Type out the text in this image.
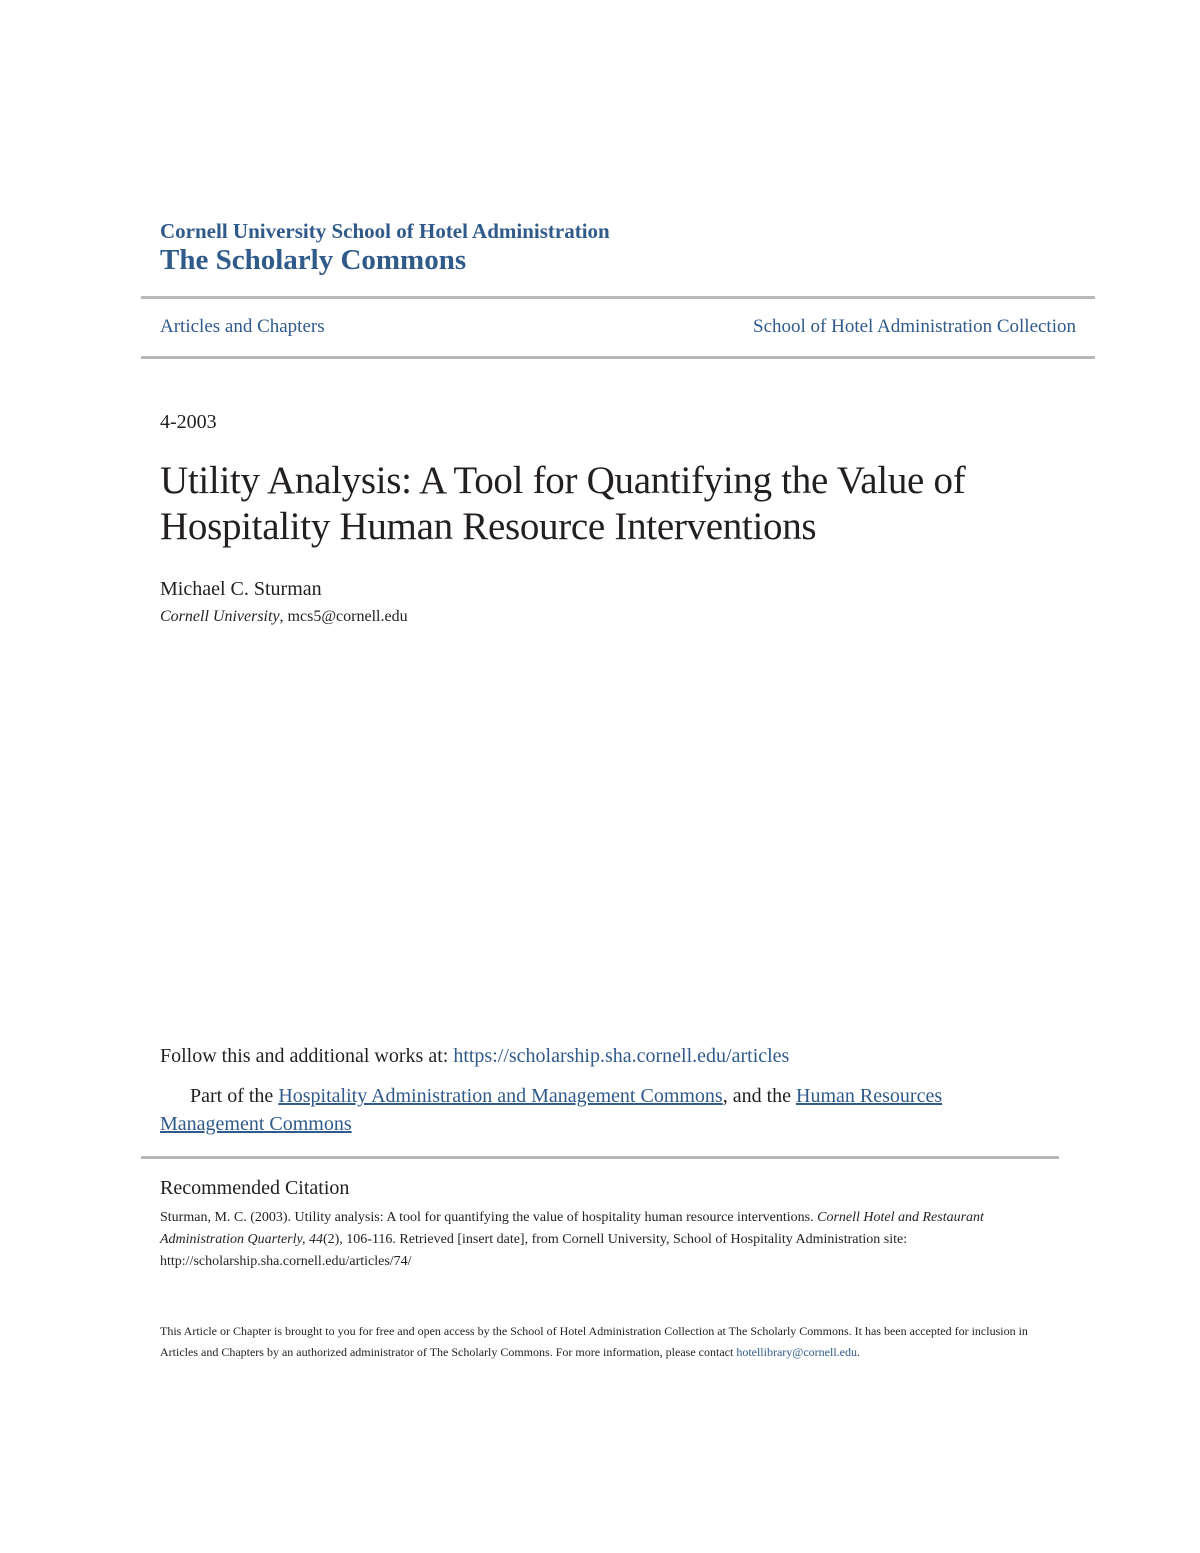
Cornell University School of Hotel Administration
The Scholarly Commons
Articles and Chapters	School of Hotel Administration Collection
4-2003
Utility Analysis: A Tool for Quantifying the Value of Hospitality Human Resource Interventions
Michael C. Sturman
Cornell University, mcs5@cornell.edu
Follow this and additional works at: https://scholarship.sha.cornell.edu/articles
Part of the Hospitality Administration and Management Commons, and the Human Resources Management Commons
Recommended Citation
Sturman, M. C. (2003). Utility analysis: A tool for quantifying the value of hospitality human resource interventions. Cornell Hotel and Restaurant Administration Quarterly, 44(2), 106-116. Retrieved [insert date], from Cornell University, School of Hospitality Administration site: http://scholarship.sha.cornell.edu/articles/74/
This Article or Chapter is brought to you for free and open access by the School of Hotel Administration Collection at The Scholarly Commons. It has been accepted for inclusion in Articles and Chapters by an authorized administrator of The Scholarly Commons. For more information, please contact hotellibrary@cornell.edu.
